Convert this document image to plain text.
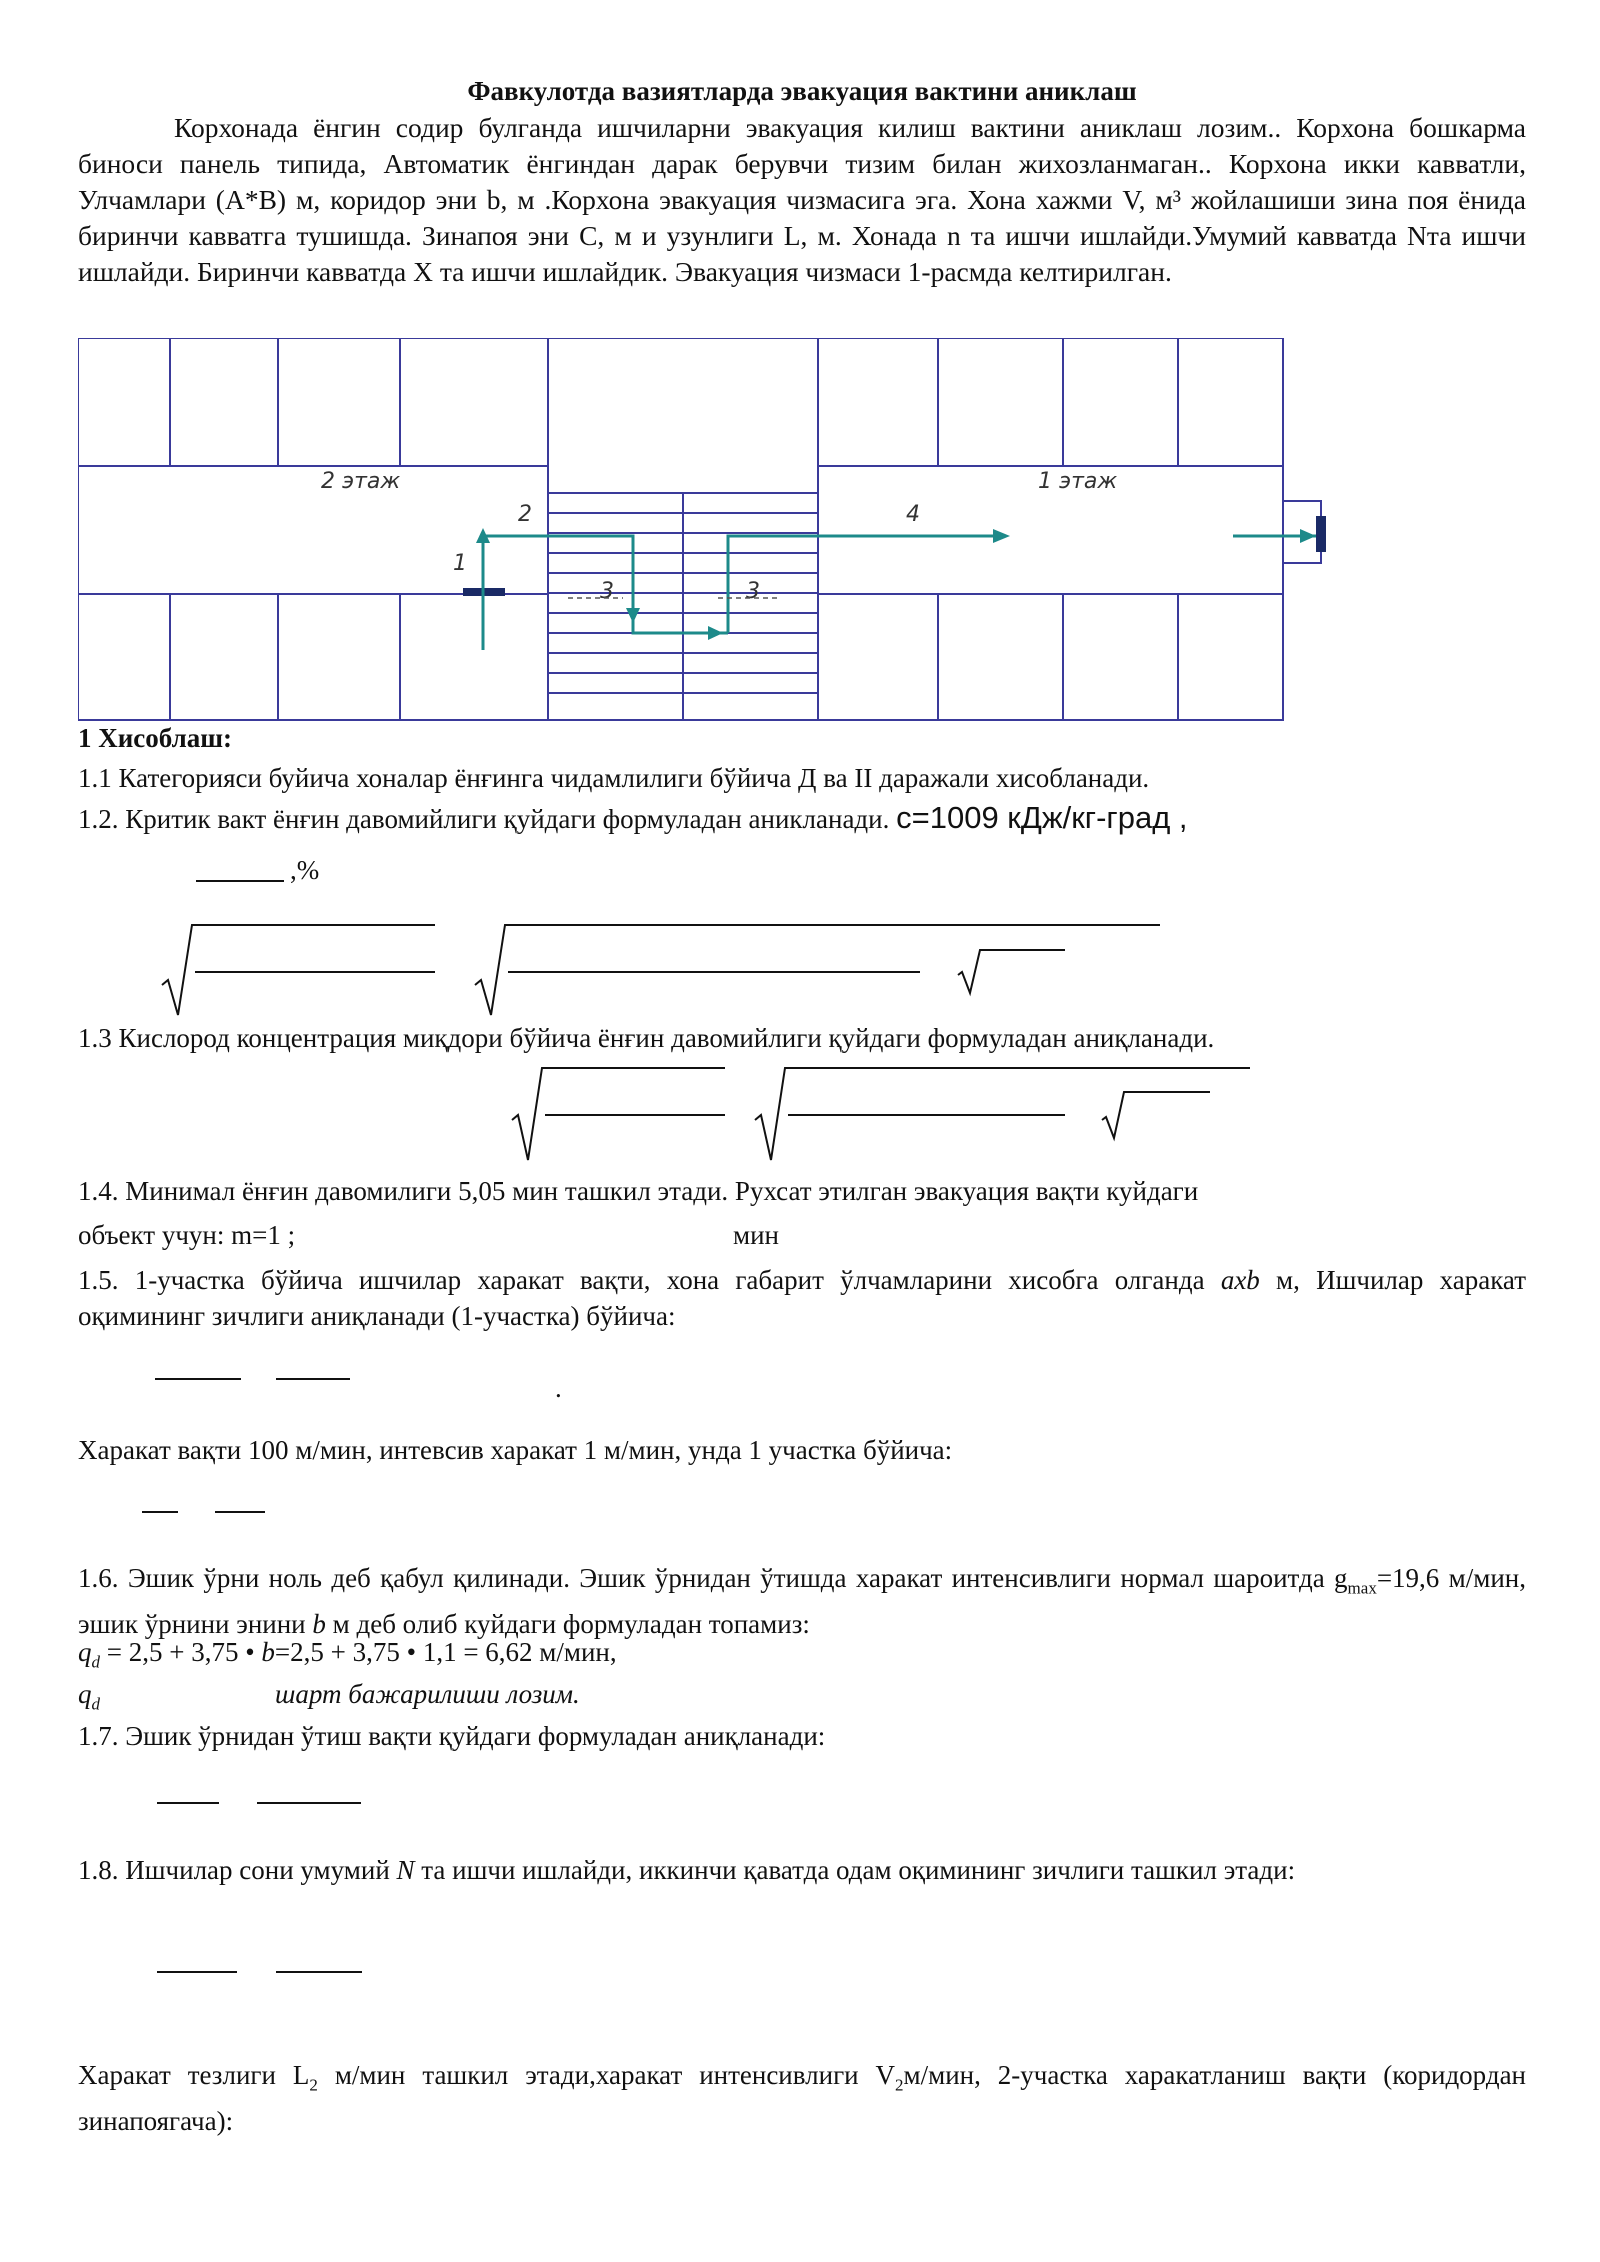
Фавкулотда вазиятларда эвакуация вактини аниклаш

Корхонада ёнгин содир булганда ишчиларни эвакуация килиш вактини аниклаш лозим.. Корхона бошкарма биноси панель типида, Автоматик ёнгиндан дарак берувчи тизим билан жихозланмаган.. Корхона икки кавватли, Улчамлари (А*В) м, коридор эни b, м .Корхона эвакуация чизмасига эга. Хона хажми V, м³ жойлашиши зина поя ёнида биринчи кавватга тушишда. Зинапоя эни C, м и узунлиги L, м. Хонада n та ишчи ишлайди.Умумий кавватда Nта ишчи ишлайди. Биринчи кавватда X та ишчи ишлайдик. Эвакуация чизмаси 1-расмда келтирилган.

2 этаж	1 этаж
1
2
3	3
4

1 Хисоблаш:

1.1 Категорияси буйича хоналар ёнғинга чидамлилиги бўйича Д ва II даражали хисобланади.

1.2. Критик вакт ёнғин давомийлиги қуйдаги формуладан аникланади. c=1009 кДж/кг-град ,

,%

1.3 Кислород концентрация миқдори бўйича ёнғин давомийлиги қуйдаги формуладан аниқланади.

1.4. Минимал ёнғин давомилиги 5,05 мин ташкил этади. Рухсат этилган эвакуация вақти куйдаги

объект учун: m=1 ;	мин

1.5. 1-участка бўйича ишчилар харакат вақти, хона габарит ўлчамларини хисобга олганда axb м, Ишчилар харакат оқимининг зичлиги аниқланади (1-участка) бўйича:

.

Харакат вақти 100 м/мин, интевсив харакат 1 м/мин, унда 1 участка бўйича:

1.6. Эшик ўрни ноль деб қабул қилинади. Эшик ўрнидан ўтишда харакат интенсивлиги нормал шароитда $g_{max}=19,6$ м/мин, эшик ўрнини энини b м деб олиб куйдаги формуладан топамиз:

$q_d = 2,5 + 3,75$ • b=2,5 + 3,75 • 1,1 = 6,62 м/мин,

$q_d$	шарт бажарилиши лозим.

1.7. Эшик ўрнидан ўтиш вақти қуйдаги формуладан аниқланади:

1.8. Ишчилар сони умумий N та ишчи ишлайди, иккинчи қаватда одам оқимининг зичлиги ташкил этади:

Харакат тезлиги $L_2$ м/мин ташкил этади,харакат интенсивлиги $V_2м$/мин, 2-участка харакатланиш вақти (коридордан зинапоягача):
